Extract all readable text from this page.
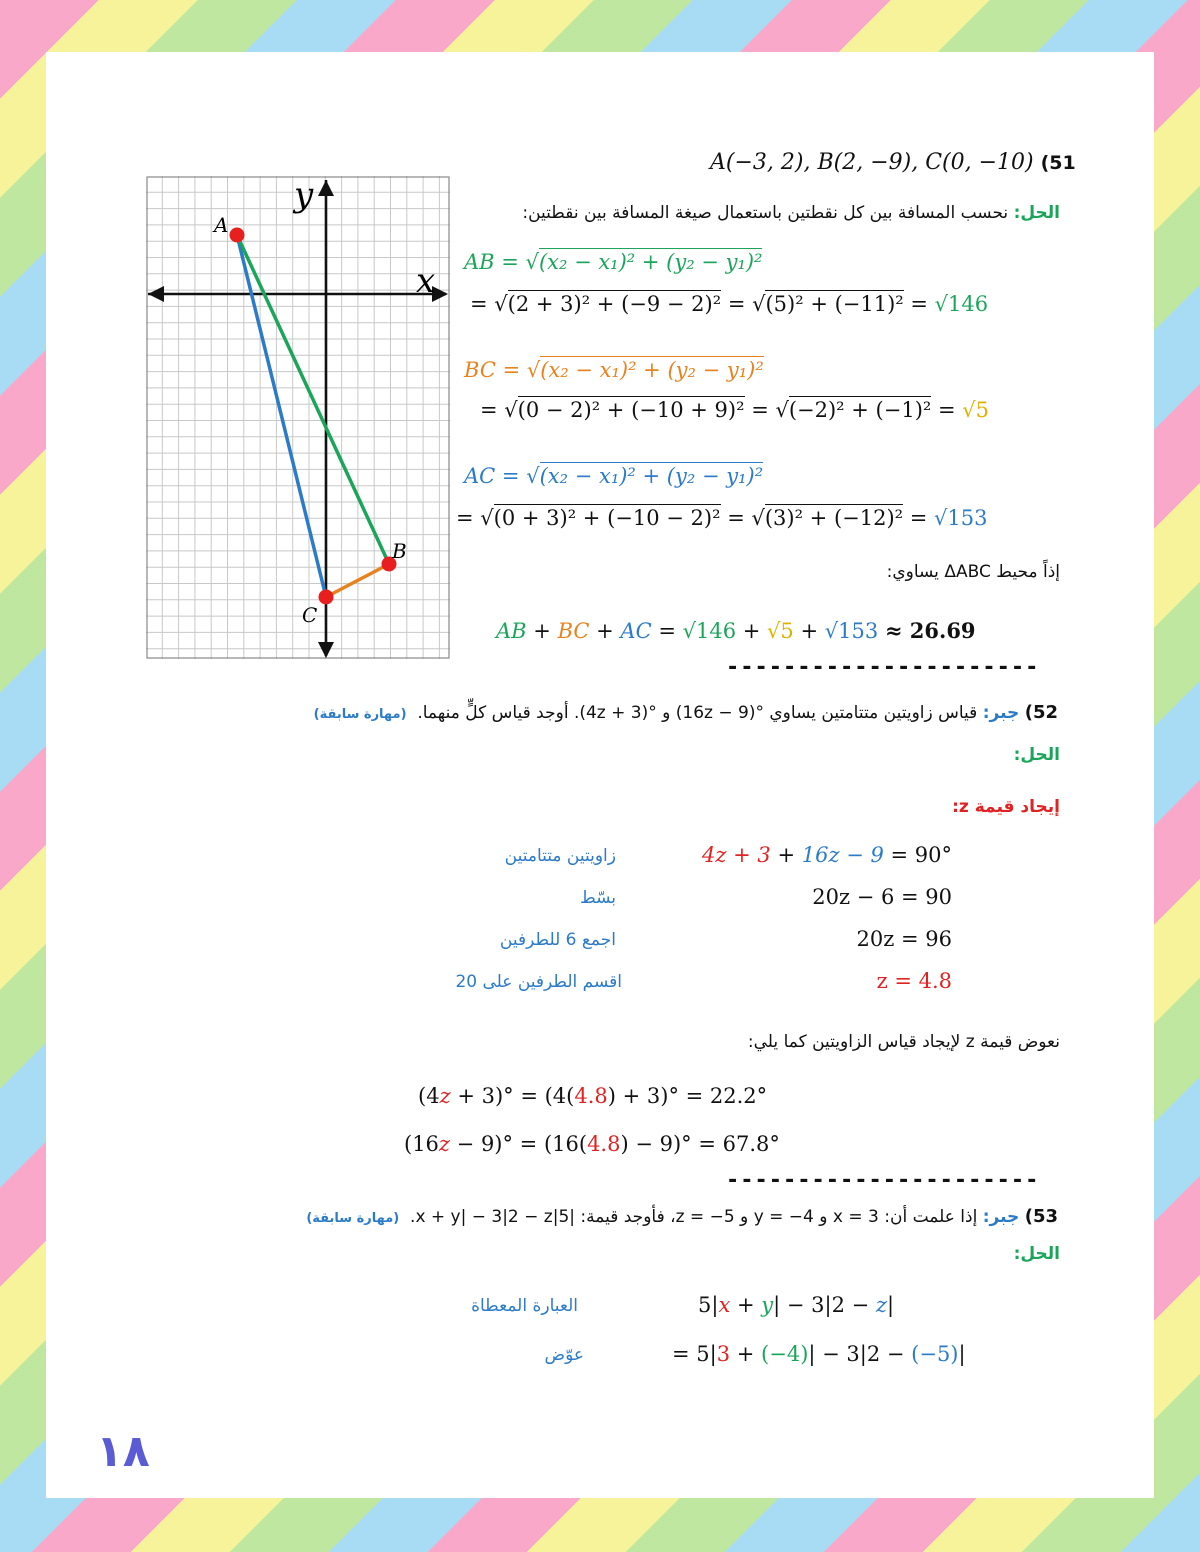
x
y
A
B
C
A(−3, 2), B(2, −9), C(0, −10) (51
الحل: نحسب المسافة بين كل نقطتين باستعمال صيغة المسافة بين نقطتين:
AB = √(x₂ − x₁)² + (y₂ − y₁)²
= √(2 + 3)² + (−9 − 2)² = √(5)² + (−11)² = √146
BC = √(x₂ − x₁)² + (y₂ − y₁)²
= √(0 − 2)² + (−10 + 9)² = √(−2)² + (−1)² = √5
AC = √(x₂ − x₁)² + (y₂ − y₁)²
= √(0 + 3)² + (−10 − 2)² = √(3)² + (−12)² = √153
إذاً محيط ΔABC يساوي:
AB + BC + AC = √146 + √5 + √153 ≈ 26.69
----------------------
52) جبر: قياس زاويتين متتامتين يساوي °(9 − 16z) و °(4z + 3). أوجد قياس كلٍّ منهما.  (مهارة سابقة)
الحل:
إيجاد قيمة z:
4z + 3 + 16z − 9 = 90°
زاويتين متتامتين
20z − 6 = 90
بسّط
20z = 96
اجمع 6 للطرفين
z = 4.8
اقسم الطرفين على 20
نعوض قيمة z لإيجاد قياس الزاويتين كما يلي:
(4z + 3)° = (4(4.8) + 3)° = 22.2°
(16z − 9)° = (16(4.8) − 9)° = 67.8°
----------------------
53) جبر: إذا علمت أن: x = 3 و y = −4 و z = −5، فأوجد قيمة: |5|x + y| − 3|2 − z.  (مهارة سابقة)
الحل:
5|x + y| − 3|2 − z|
العبارة المعطاة
= 5|3 + (−4)| − 3|2 − (−5)|
عوّض
١٨
